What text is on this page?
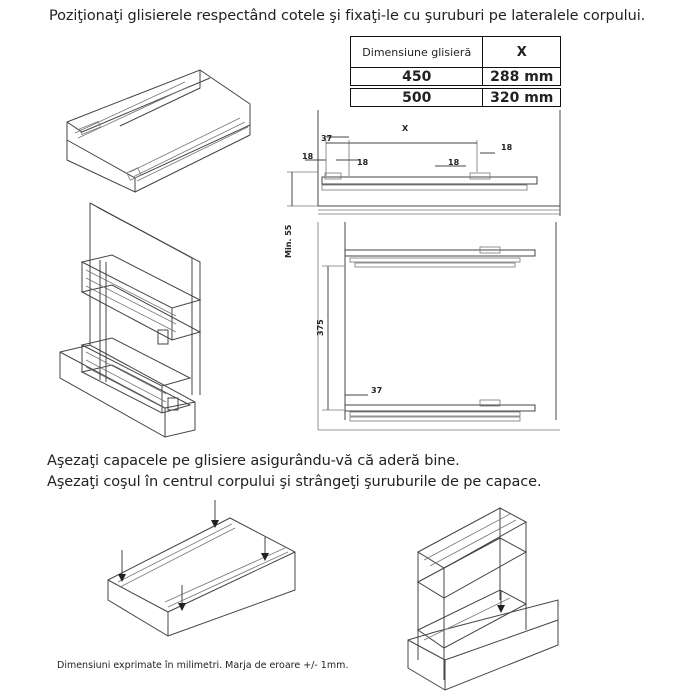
Poziţionaţi glisierele respectând cotele şi fixaţi-le cu şuruburi pe lateralele corpului.
Dimensiune glisieră	X
450	288 mm

500	320 mm
37
X
18
18	18
18
Min. 55
375
37
Aşezaţi capacele pe glisiere asigurându-vă că aderă bine.
Aşezaţi coşul în centrul corpului şi strângeţi şuruburile de pe capace.
Dimensiuni exprimate în milimetri. Marja de eroare +/- 1mm.
